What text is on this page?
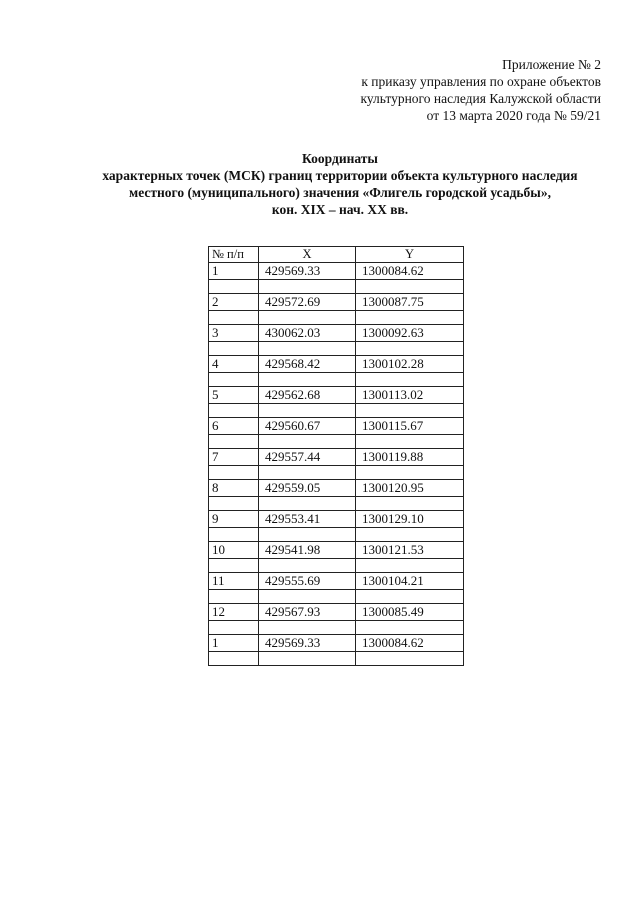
Приложение № 2
к приказу управления по охране объектов
культурного наследия Калужской области
от 13 марта 2020 года № 59/21
Координаты
характерных точек (МСК) границ территории объекта культурного наследия
местного (муниципального) значения «Флигель городской усадьбы»,
кон. XIX – нач. XX вв.
№ п/п	X	Y
1	429569.33	1300084.62

2	429572.69	1300087.75

3	430062.03	1300092.63

4	429568.42	1300102.28

5	429562.68	1300113.02

6	429560.67	1300115.67

7	429557.44	1300119.88

8	429559.05	1300120.95

9	429553.41	1300129.10

10	429541.98	1300121.53

11	429555.69	1300104.21

12	429567.93	1300085.49

1	429569.33	1300084.62
